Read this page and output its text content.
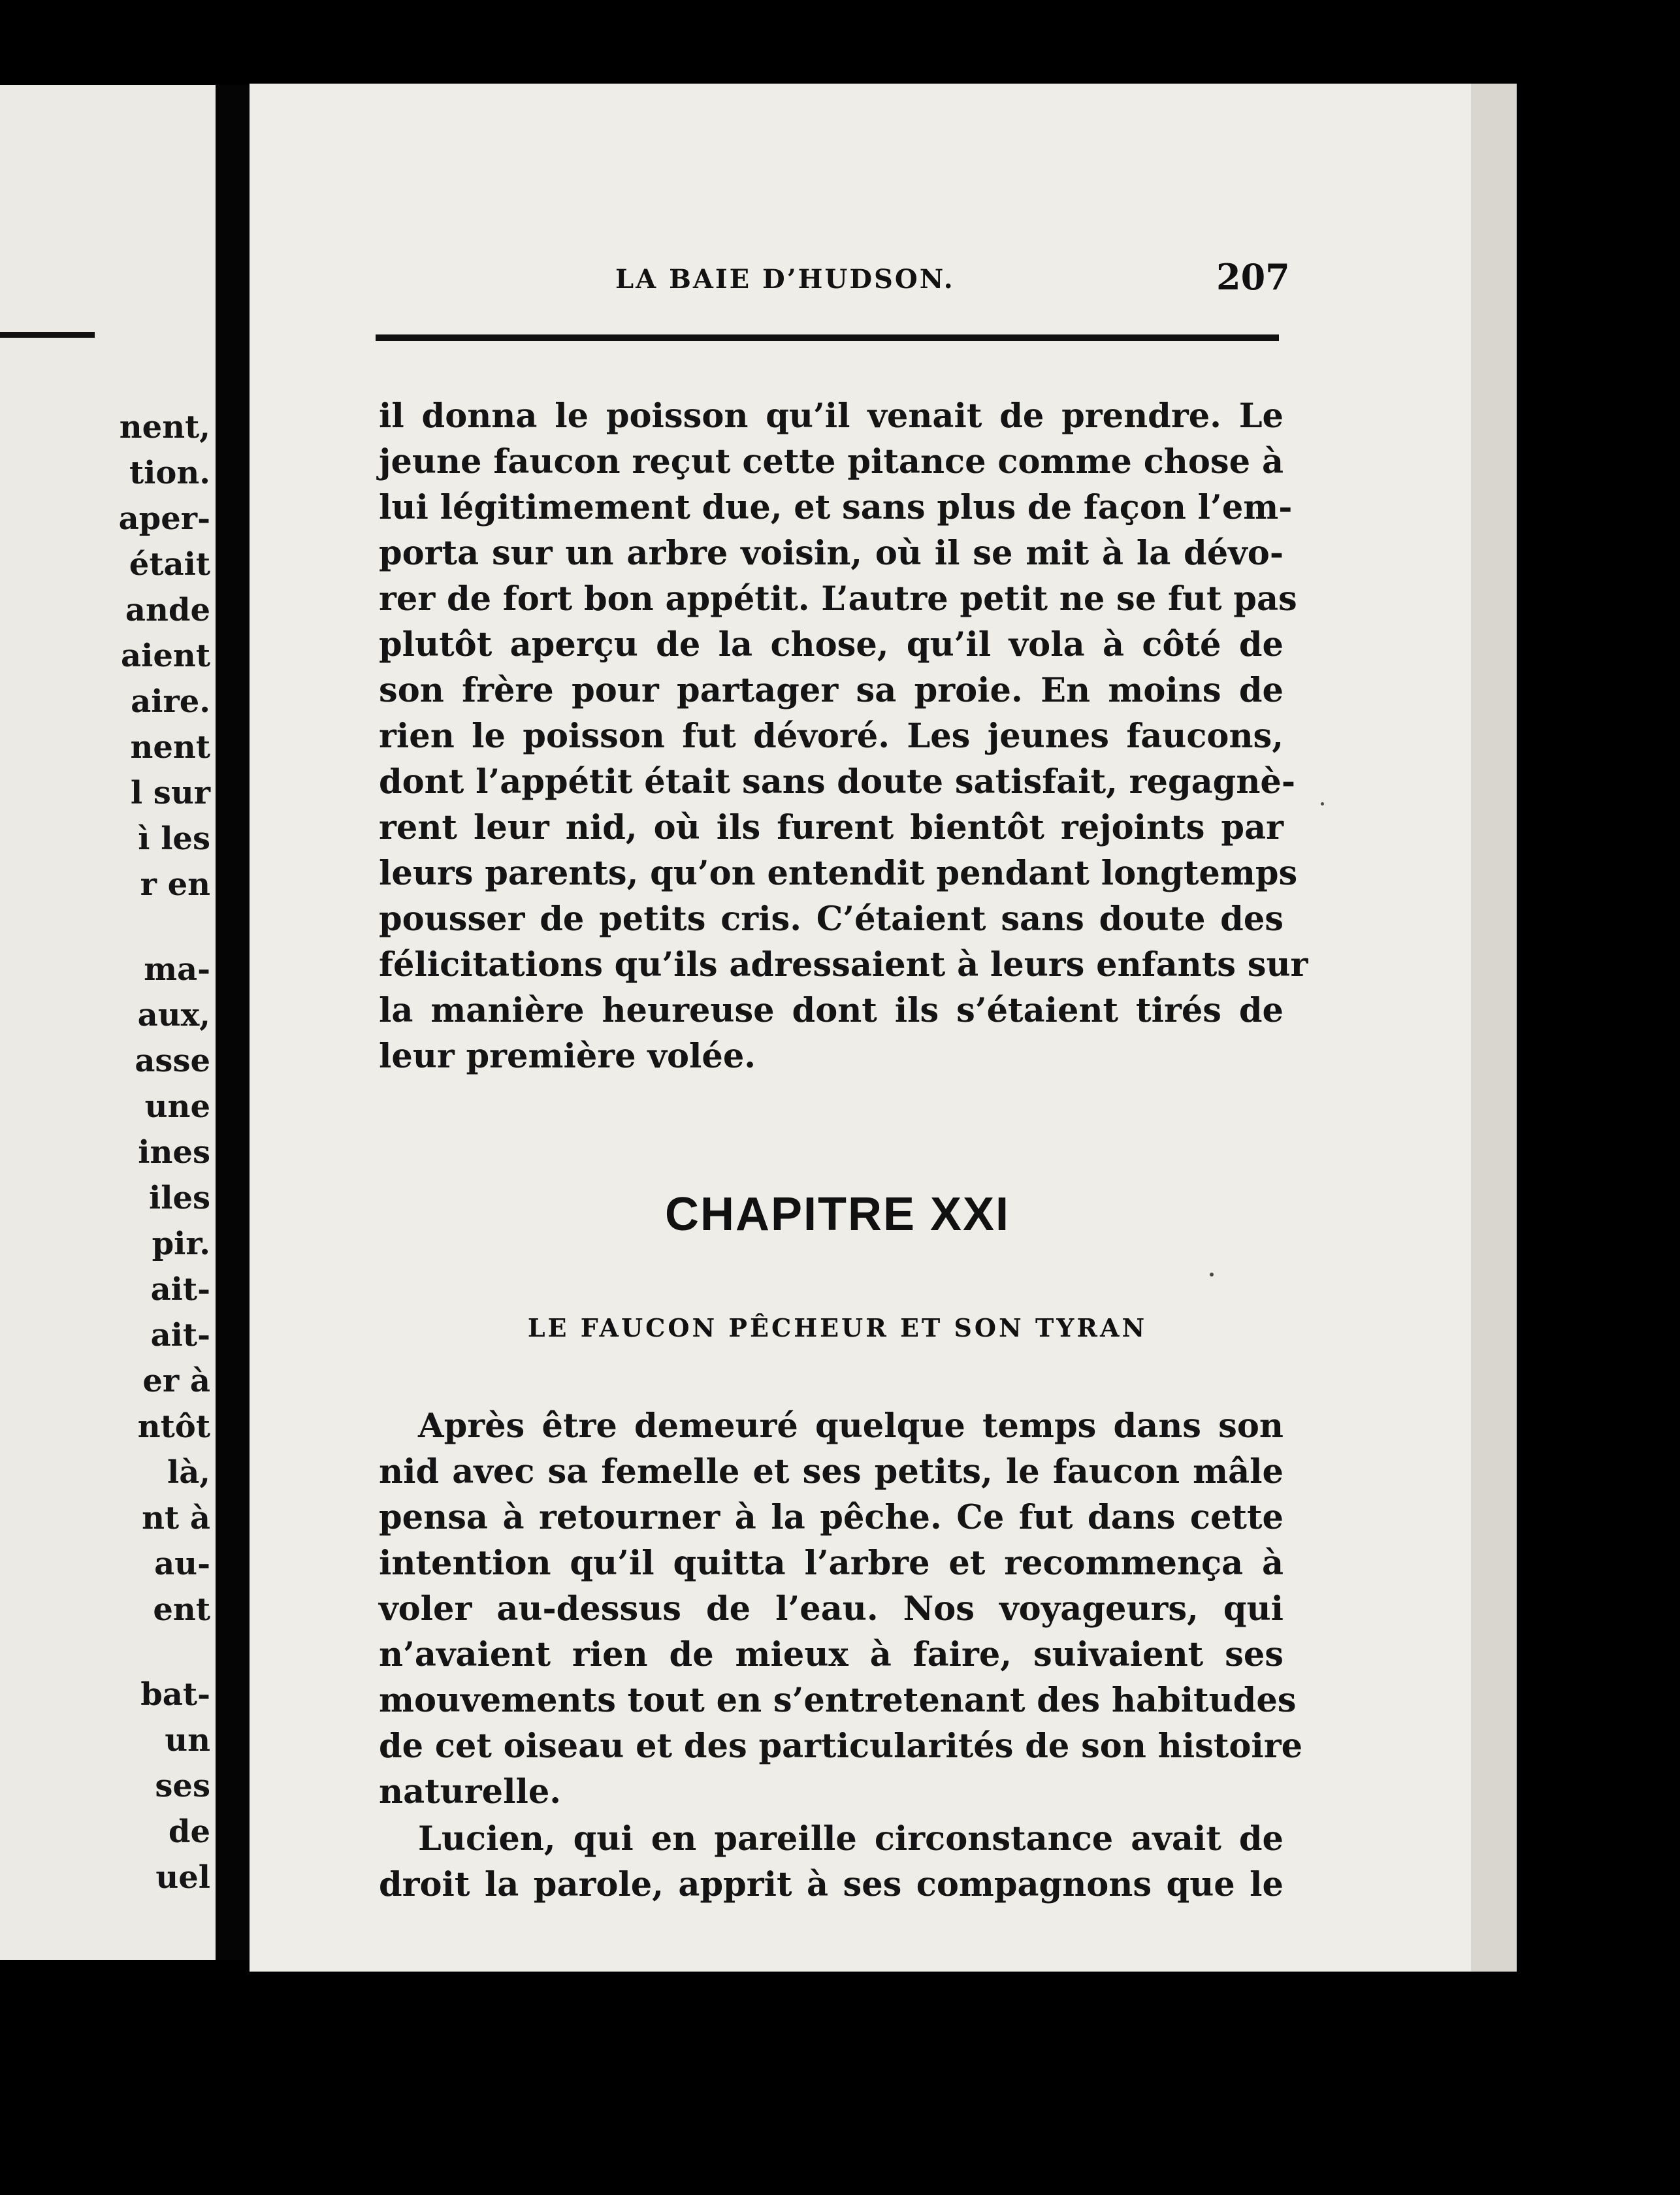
nent,
tion.
aper-
était
ande
aient
aire.
nent
l sur
ì les
r en
ma-
aux,
asse
une
ines
iles
pir.
ait-
ait-
er à
ntôt
là,
nt à
au-
ent
bat-
un
ses
de
uel
LA BAIE D’HUDSON.	207
il donna le poisson qu’il venait de prendre. Le
jeune faucon reçut cette pitance comme chose à
lui légitimement due, et sans plus de façon l’em-
porta sur un arbre voisin, où il se mit à la dévo-
rer de fort bon appétit. L’autre petit ne se fut pas
plutôt aperçu de la chose, qu’il vola à côté de
son frère pour partager sa proie. En moins de
rien le poisson fut dévoré. Les jeunes faucons,
dont l’appétit était sans doute satisfait, regagnè-
rent leur nid, où ils furent bientôt rejoints par
leurs parents, qu’on entendit pendant longtemps
pousser de petits cris. C’étaient sans doute des
félicitations qu’ils adressaient à leurs enfants sur
la manière heureuse dont ils s’étaient tirés de
leur première volée.
CHAPITRE XXI
LE FAUCON PÊCHEUR ET SON TYRAN
Après être demeuré quelque temps dans son
nid avec sa femelle et ses petits, le faucon mâle
pensa à retourner à la pêche. Ce fut dans cette
intention qu’il quitta l’arbre et recommença à
voler au-dessus de l’eau. Nos voyageurs, qui
n’avaient rien de mieux à faire, suivaient ses
mouvements tout en s’entretenant des habitudes
de cet oiseau et des particularités de son histoire
naturelle.
Lucien, qui en pareille circonstance avait de
droit la parole, apprit à ses compagnons que le
